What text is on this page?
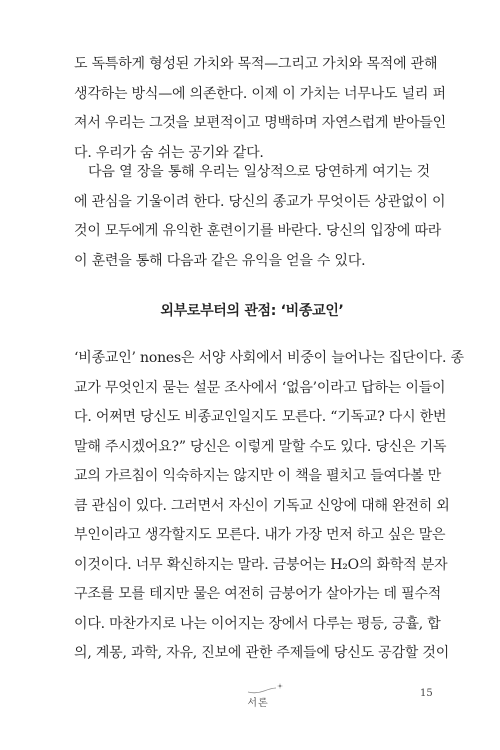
도 독특하게 형성된 가치와 목적—그리고 가치와 목적에 관해
생각하는 방식—에 의존한다. 이제 이 가치는 너무나도 널리 퍼
져서 우리는 그것을 보편적이고 명백하며 자연스럽게 받아들인
다. 우리가 숨 쉬는 공기와 같다.
다음 열 장을 통해 우리는 일상적으로 당연하게 여기는 것
에 관심을 기울이려 한다. 당신의 종교가 무엇이든 상관없이 이
것이 모두에게 유익한 훈련이기를 바란다. 당신의 입장에 따라
이 훈련을 통해 다음과 같은 유익을 얻을 수 있다.
외부로부터의 관점: ‘비종교인’
‘비종교인’ nones은 서양 사회에서 비중이 늘어나는 집단이다. 종
교가 무엇인지 묻는 설문 조사에서 ‘없음’이라고 답하는 이들이
다. 어쩌면 당신도 비종교인일지도 모른다. “기독교? 다시 한번
말해 주시겠어요?” 당신은 이렇게 말할 수도 있다. 당신은 기독
교의 가르침이 익숙하지는 않지만 이 책을 펼치고 들여다볼 만
큼 관심이 있다. 그러면서 자신이 기독교 신앙에 대해 완전히 외
부인이라고 생각할지도 모른다. 내가 가장 먼저 하고 싶은 말은
이것이다. 너무 확신하지는 말라. 금붕어는 H₂O의 화학적 분자
구조를 모를 테지만 물은 여전히 금붕어가 살아가는 데 필수적
이다. 마찬가지로 나는 이어지는 장에서 다루는 평등, 긍휼, 합
의, 계몽, 과학, 자유, 진보에 관한 주제들에 당신도 공감할 것이
서론
15
